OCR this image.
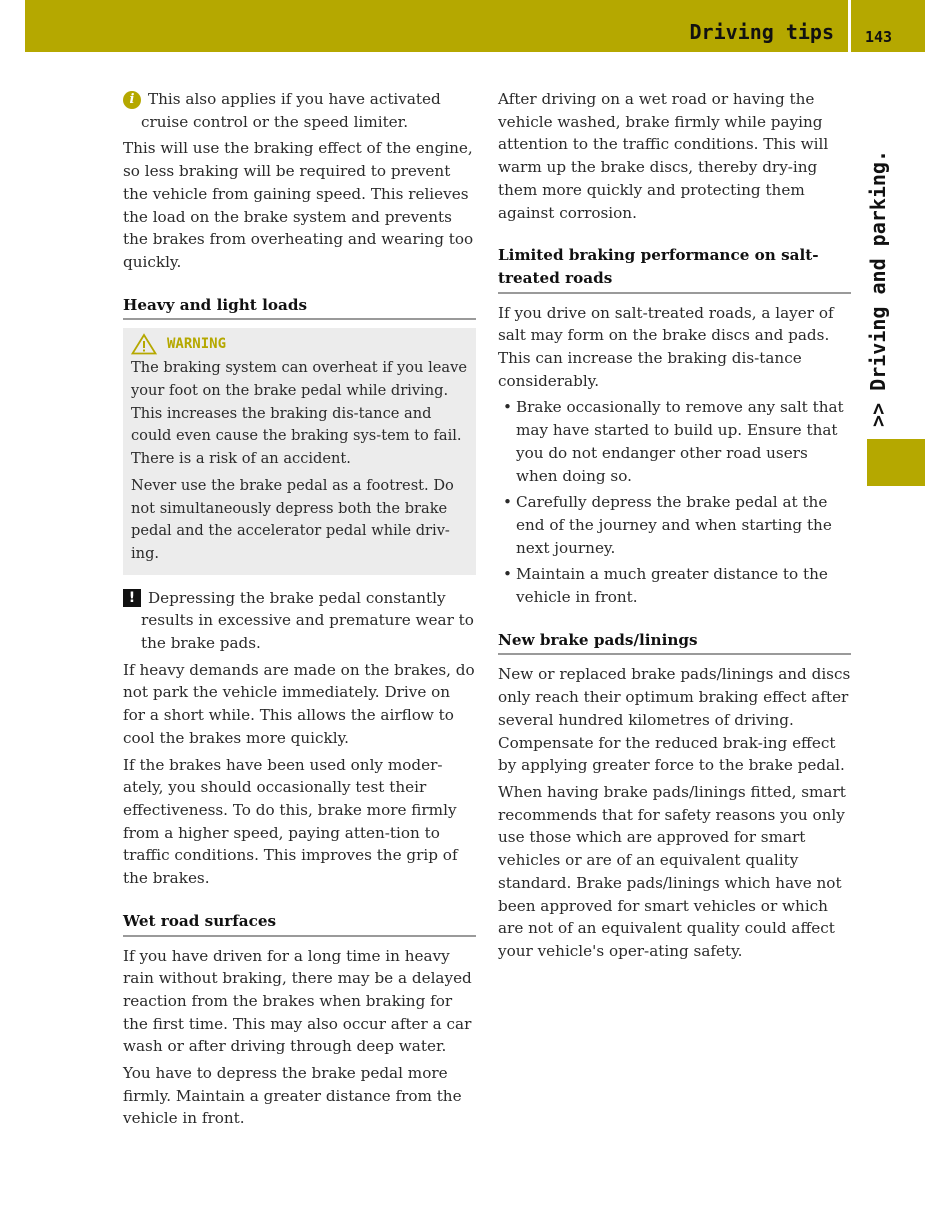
Driving tips 143
>> Driving and parking.

i This also applies if you have activated cruise control or the speed limiter.

This will use the braking effect of the engine, so less braking will be required to prevent the vehicle from gaining speed. This relieves the load on the brake system and prevents the brakes from overheating and wearing too quickly.

Heavy and light loads
WARNING

The braking system can overheat if you leave your foot on the brake pedal while driving. This increases the braking dis-tance and could even cause the braking sys-tem to fail. There is a risk of an accident.

Never use the brake pedal as a footrest. Do not simultaneously depress both the brake pedal and the accelerator pedal while driv-ing.

! Depressing the brake pedal constantly results in excessive and premature wear to the brake pads.

If heavy demands are made on the brakes, do not park the vehicle immediately. Drive on for a short while. This allows the airflow to cool the brakes more quickly.

If the brakes have been used only moder-ately, you should occasionally test their effectiveness. To do this, brake more firmly from a higher speed, paying atten-tion to traffic conditions. This improves the grip of the brakes.

Wet road surfaces

If you have driven for a long time in heavy rain without braking, there may be a delayed reaction from the brakes when braking for the first time. This may also occur after a car wash or after driving through deep water.

You have to depress the brake pedal more firmly. Maintain a greater distance from the vehicle in front.

After driving on a wet road or having the vehicle washed, brake firmly while paying attention to the traffic conditions. This will warm up the brake discs, thereby dry-ing them more quickly and protecting them against corrosion.

Limited braking performance on salt-treated roads

If you drive on salt-treated roads, a layer of salt may form on the brake discs and pads. This can increase the braking dis-tance considerably.

• Brake occasionally to remove any salt that may have started to build up. Ensure that you do not endanger other road users when doing so.
• Carefully depress the brake pedal at the end of the journey and when starting the next journey.
• Maintain a much greater distance to the vehicle in front.
New brake pads/linings

New or replaced brake pads/linings and discs only reach their optimum braking effect after several hundred kilometres of driving. Compensate for the reduced brak-ing effect by applying greater force to the brake pedal.

When having brake pads/linings fitted, smart recommends that for safety reasons you only use those which are approved for smart vehicles or are of an equivalent quality standard. Brake pads/linings which have not been approved for smart vehicles or which are not of an equivalent quality could affect your vehicle's oper-ating safety.
